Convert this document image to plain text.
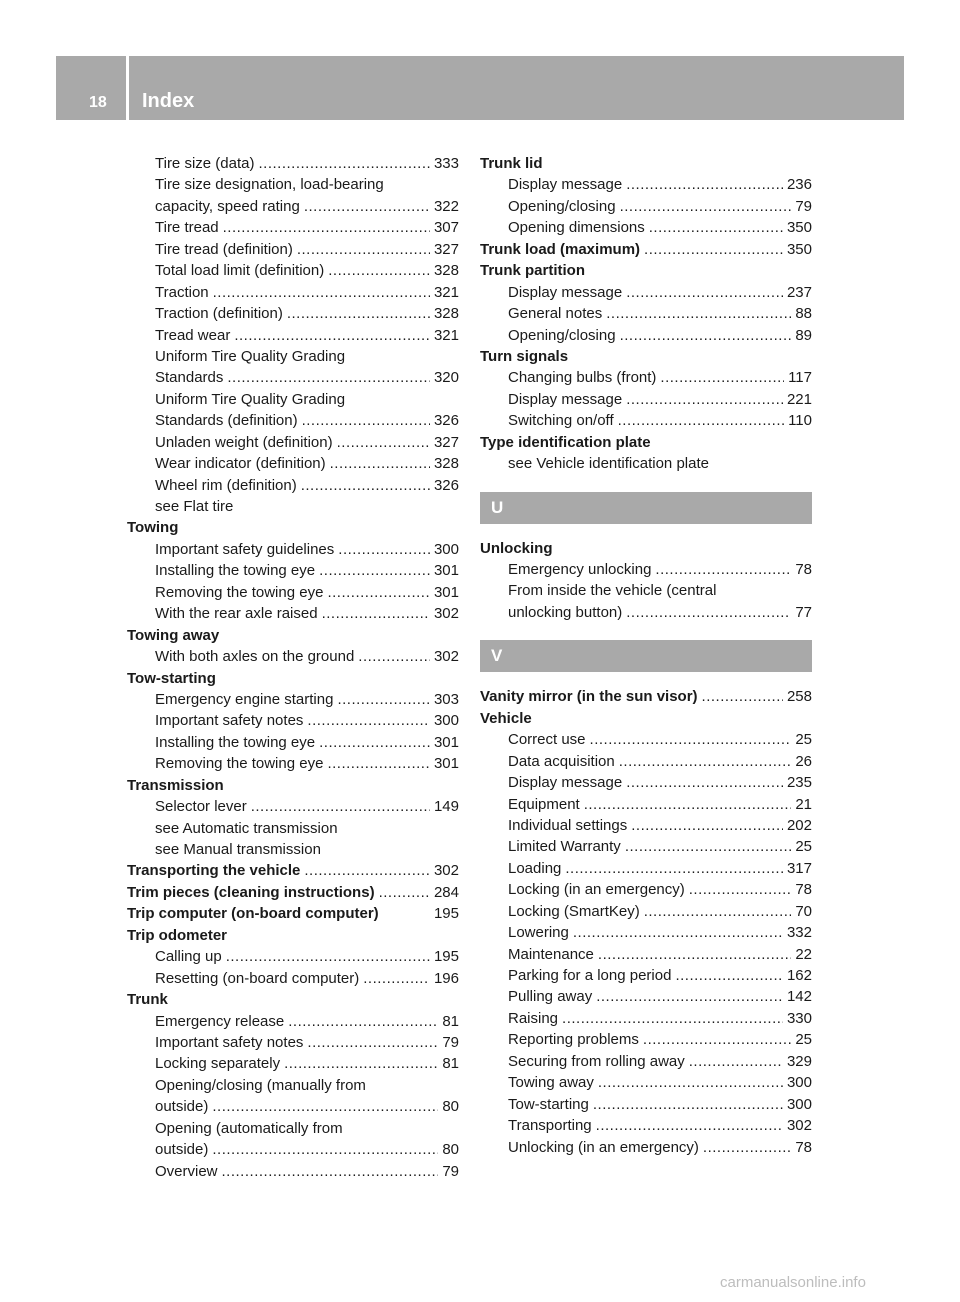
18 Index
Tire size (data) .....	333
Tire size designation, load-bearing
capacity, speed rating .....	322
Tire tread .....	307
Tire tread (definition) .....	327
Total load limit (definition) .....	328
Traction .....	321
Traction (definition) .....	328
Tread wear .....	321
Uniform Tire Quality Grading
Standards .....	320
Uniform Tire Quality Grading
Standards (definition) .....	326
Unladen weight (definition) .....	327
Wear indicator (definition) .....	328
Wheel rim (definition) .....	326
see Flat tire
Towing
Important safety guidelines .....	300
Installing the towing eye .....	301
Removing the towing eye .....	301
With the rear axle raised .....	302
Towing away
With both axles on the ground .....	302
Tow-starting
Emergency engine starting .....	303
Important safety notes .....	300
Installing the towing eye .....	301
Removing the towing eye .....	301
Transmission
Selector lever .....	149
see Automatic transmission
see Manual transmission
Transporting the vehicle .....	302
Trim pieces (cleaning instructions) .....	284
Trip computer (on-board computer)	195
Trip odometer
Calling up .....	195
Resetting (on-board computer) .....	196
Trunk
Emergency release .....	81
Important safety notes .....	79
Locking separately .....	81
Opening/closing (manually from
outside) .....	80
Opening (automatically from
outside) .....	80
Overview .....	79
Trunk lid
Display message .....	236
Opening/closing .....	79
Opening dimensions .....	350
Trunk load (maximum) .....	350
Trunk partition
Display message .....	237
General notes .....	88
Opening/closing .....	89
Turn signals
Changing bulbs (front) .....	117
Display message .....	221
Switching on/off .....	110
Type identification plate
see Vehicle identification plate
U
Unlocking
Emergency unlocking .....	78
From inside the vehicle (central
unlocking button) .....	77
V
Vanity mirror (in the sun visor) .....	258
Vehicle
Correct use .....	25
Data acquisition .....	26
Display message .....	235
Equipment .....	21
Individual settings .....	202
Limited Warranty .....	25
Loading .....	317
Locking (in an emergency) .....	78
Locking (SmartKey) .....	70
Lowering .....	332
Maintenance .....	22
Parking for a long period .....	162
Pulling away .....	142
Raising .....	330
Reporting problems .....	25
Securing from rolling away .....	329
Towing away .....	300
Tow-starting .....	300
Transporting .....	302
Unlocking (in an emergency) .....	78
carmanualsonline.info
